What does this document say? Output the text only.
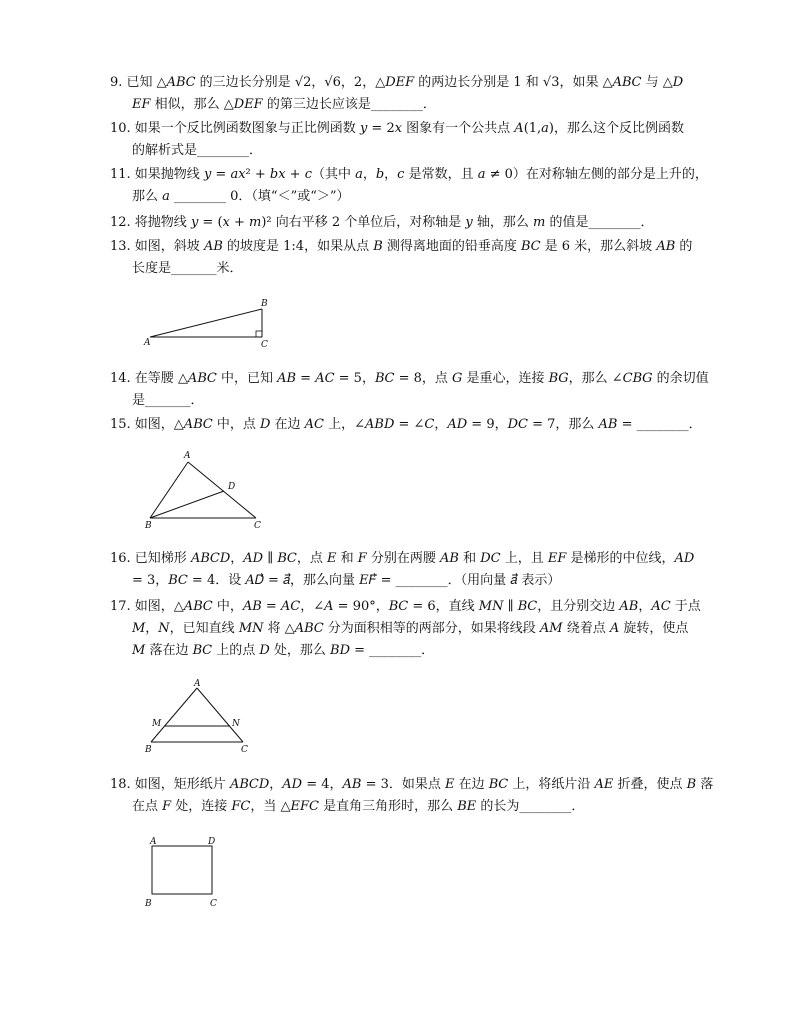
9. 已知 △𝐴𝐵𝐶 的三边长分别是 √2，√6，2，△𝐷𝐸𝐹 的两边长分别是 1 和 √3，如果 △𝐴𝐵𝐶 与 △𝐷
𝐸𝐹 相似，那么 △𝐷𝐸𝐹 的第三边长应该是________．
10. 如果一个反比例函数图象与正比例函数 𝑦 = 2𝑥 图象有一个公共点 𝐴(1,𝑎)，那么这个反比例函数
的解析式是________．
11. 如果抛物线 𝑦 = 𝑎𝑥² + 𝑏𝑥 + 𝑐（其中 𝑎，𝑏，𝑐 是常数，且 𝑎 ≠ 0）在对称轴左侧的部分是上升的，
那么 𝑎 ________ 0．（填“＜”或“＞”）
12. 将抛物线 𝑦 = (𝑥 + 𝑚)² 向右平移 2 个单位后，对称轴是 𝑦 轴，那么 𝑚 的值是________．
13. 如图，斜坡 𝐴𝐵 的坡度是 1:4，如果从点 𝐵 测得离地面的铅垂高度 𝐵𝐶 是 6 米，那么斜坡 𝐴𝐵 的
长度是_______米．
A
B
C
14. 在等腰 △𝐴𝐵𝐶 中，已知 𝐴𝐵 = 𝐴𝐶 = 5，𝐵𝐶 = 8，点 𝐺 是重心，连接 𝐵𝐺，那么 ∠𝐶𝐵𝐺 的余切值
是_______．
15. 如图，△𝐴𝐵𝐶 中，点 𝐷 在边 𝐴𝐶 上，∠𝐴𝐵𝐷 = ∠𝐶，𝐴𝐷 = 9，𝐷𝐶 = 7，那么 𝐴𝐵 = ________．
A
B	C
D
16. 已知梯形 𝐴𝐵𝐶𝐷，𝐴𝐷 ∥ 𝐵𝐶，点 𝐸 和 𝐹 分别在两腰 𝐴𝐵 和 𝐷𝐶 上，且 𝐸𝐹 是梯形的中位线，𝐴𝐷
= 3，𝐵𝐶 = 4．设 𝐴𝐷⃗ = 𝑎⃗，那么向量 𝐸𝐹⃗ = ________．（用向量 𝑎⃗ 表示）
17. 如图，△𝐴𝐵𝐶 中，𝐴𝐵 = 𝐴𝐶，∠𝐴 = 90°，𝐵𝐶 = 6，直线 𝑀𝑁 ∥ 𝐵𝐶，且分别交边 𝐴𝐵，𝐴𝐶 于点
𝑀，𝑁，已知直线 𝑀𝑁 将 △𝐴𝐵𝐶 分为面积相等的两部分，如果将线段 𝐴𝑀 绕着点 𝐴 旋转，使点
𝑀 落在边 𝐵𝐶 上的点 𝐷 处，那么 𝐵𝐷 = ________．
A
M	N
B	C
18. 如图，矩形纸片 𝐴𝐵𝐶𝐷，𝐴𝐷 = 4，𝐴𝐵 = 3．如果点 𝐸 在边 𝐵𝐶 上，将纸片沿 𝐴𝐸 折叠，使点 𝐵 落
在点 𝐹 处，连接 𝐹𝐶，当 △𝐸𝐹𝐶 是直角三角形时，那么 𝐵𝐸 的长为________．
A	D
B	C
